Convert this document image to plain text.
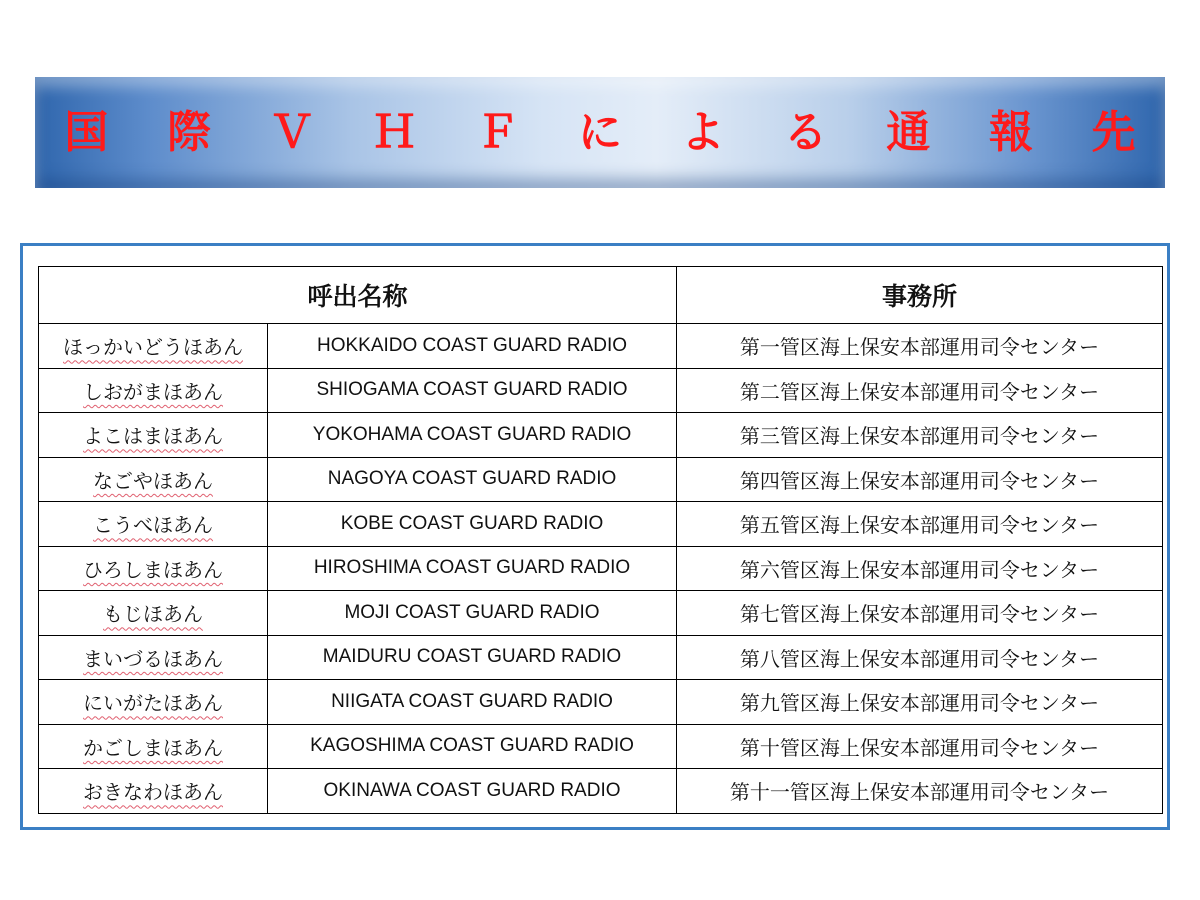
国	際	Ｖ	Ｈ	Ｆ	に	よ	る	通	報	先
呼出名称		事務所
ほっかいどうほあん	HOKKAIDO COAST GUARD RADIO	第一管区海上保安本部運用司令センター
しおがまほあん	SHIOGAMA COAST GUARD RADIO	第二管区海上保安本部運用司令センター
よこはまほあん	YOKOHAMA COAST GUARD RADIO	第三管区海上保安本部運用司令センター
なごやほあん	NAGOYA COAST GUARD RADIO	第四管区海上保安本部運用司令センター
こうべほあん	KOBE COAST GUARD RADIO	第五管区海上保安本部運用司令センター
ひろしまほあん	HIROSHIMA COAST GUARD RADIO	第六管区海上保安本部運用司令センター
もじほあん	MOJI COAST GUARD RADIO	第七管区海上保安本部運用司令センター
まいづるほあん	MAIDURU COAST GUARD RADIO	第八管区海上保安本部運用司令センター
にいがたほあん	NIIGATA COAST GUARD RADIO	第九管区海上保安本部運用司令センター
かごしまほあん	KAGOSHIMA COAST GUARD RADIO	第十管区海上保安本部運用司令センター
おきなわほあん	OKINAWA COAST GUARD RADIO	第十一管区海上保安本部運用司令センター
